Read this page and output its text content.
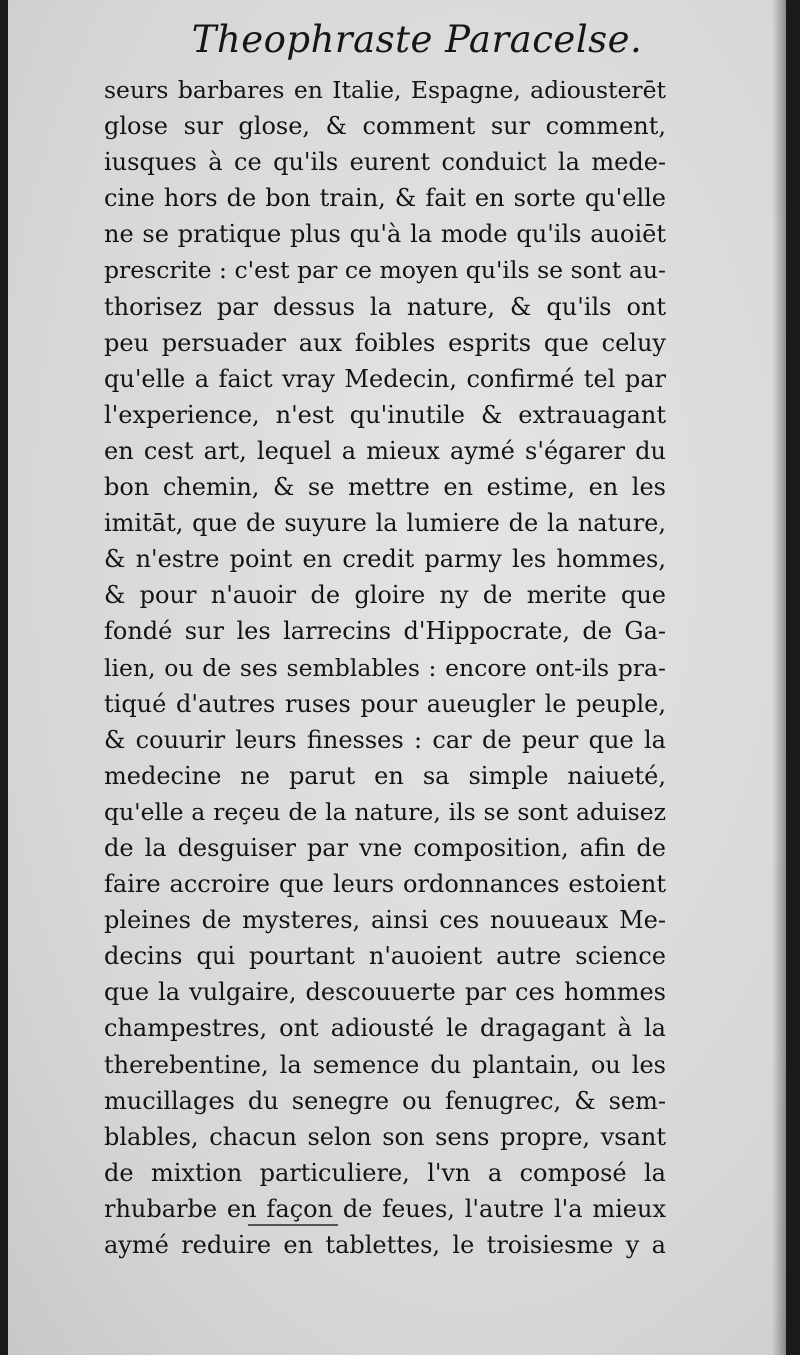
Theophraste Paracelse.
seurs barbares en Italie, Espagne, adiousterēt
glose sur glose, & comment sur comment,
iusques à ce qu'ils eurent conduict la mede-
cine hors de bon train, & fait en sorte qu'elle
ne se pratique plus qu'à la mode qu'ils auoiēt
prescrite : c'est par ce moyen qu'ils se sont au-
thorisez par dessus la nature, & qu'ils ont
peu persuader aux foibles esprits que celuy
qu'elle a faict vray Medecin, confirmé tel par
l'experience, n'est qu'inutile & extrauagant
en cest art, lequel a mieux aymé s'égarer du
bon chemin, & se mettre en estime, en les
imitāt, que de suyure la lumiere de la nature,
& n'estre point en credit parmy les hommes,
& pour n'auoir de gloire ny de merite que
fondé sur les larrecins d'Hippocrate, de Ga-
lien, ou de ses semblables : encore ont-ils pra-
tiqué d'autres ruses pour aueugler le peuple,
& couurir leurs finesses : car de peur que la
medecine ne parut en sa simple naiueté,
qu'elle a reçeu de la nature, ils se sont aduisez
de la desguiser par vne composition, afin de
faire accroire que leurs ordonnances estoient
pleines de mysteres, ainsi ces nouueaux Me-
decins qui pourtant n'auoient autre science
que la vulgaire, descouuerte par ces hommes
champestres, ont adiousté le dragagant à la
therebentine, la semence du plantain, ou les
mucillages du senegre ou fenugrec, & sem-
blables, chacun selon son sens propre, vsant
de mixtion particuliere, l'vn a composé la
rhubarbe en façon de feues, l'autre l'a mieux
aymé reduire en tablettes, le troisiesme y a
